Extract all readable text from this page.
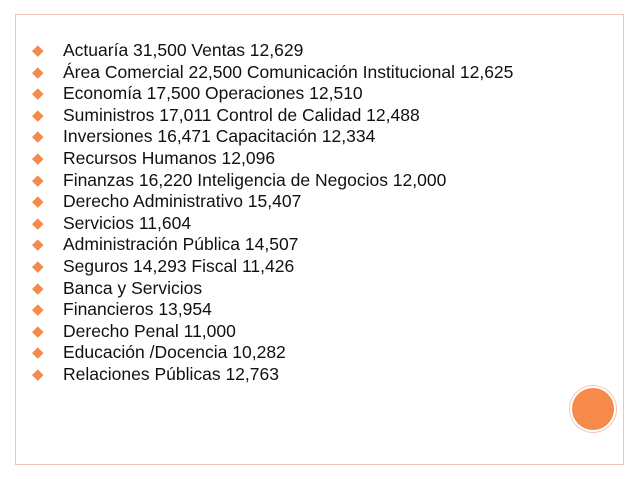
◆ Actuaría 31,500 Ventas 12,629
◆ Área Comercial 22,500 Comunicación Institucional 12,625
◆ Economía 17,500 Operaciones 12,510
◆ Suministros 17,011 Control de Calidad 12,488
◆ Inversiones 16,471 Capacitación 12,334
◆ Recursos Humanos 12,096
◆ Finanzas 16,220 Inteligencia de Negocios 12,000
◆ Derecho Administrativo 15,407
◆ Servicios 11,604
◆ Administración Pública 14,507
◆ Seguros 14,293 Fiscal 11,426
◆ Banca y Servicios
◆ Financieros 13,954
◆ Derecho Penal 11,000
◆ Educación /Docencia 10,282
◆ Relaciones Públicas 12,763
